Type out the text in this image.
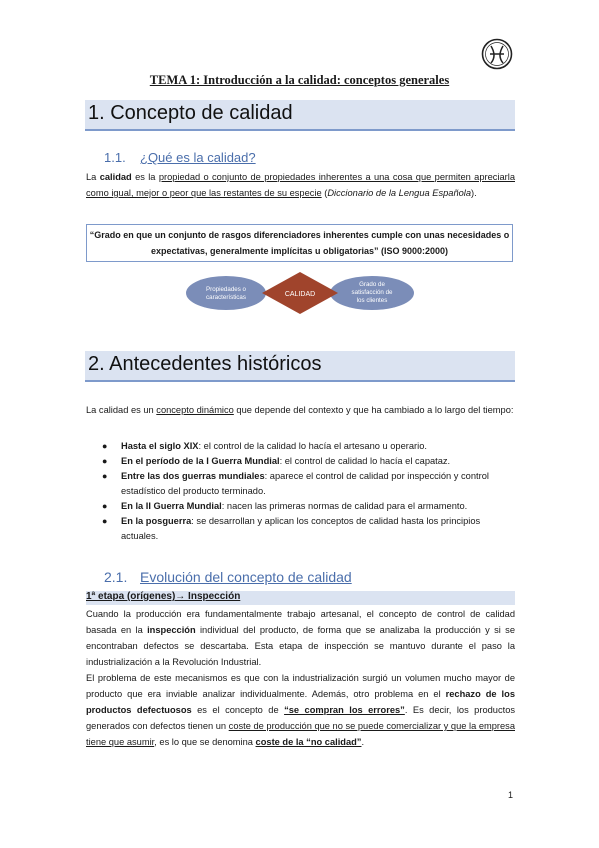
TEMA 1: Introducción a la calidad: conceptos generales
1. Concepto de calidad
1.1. ¿Qué es la calidad?
La calidad es la propiedad o conjunto de propiedades inherentes a una cosa que permiten apreciarla como igual, mejor o peor que las restantes de su especie (Diccionario de la Lengua Española).
“Grado en que un conjunto de rasgos diferenciadores inherentes cumple con unas necesidades o expectativas, generalmente implícitas u obligatorias” (ISO 9000:2000)
Propiedades o
características	CALIDAD
Grado de
satisfacción de
los clientes
2. Antecedentes históricos
La calidad es un concepto dinámico que depende del contexto y que ha cambiado a lo largo del tiempo:
● Hasta el siglo XIX: el control de la calidad lo hacía el artesano u operario.
● En el período de la I Guerra Mundial: el control de calidad lo hacía el capataz.
● Entre las dos guerras mundiales: aparece el control de calidad por inspección y control estadístico del producto terminado.
● En la II Guerra Mundial: nacen las primeras normas de calidad para el armamento.
● En la posguerra: se desarrollan y aplican los conceptos de calidad hasta los principios actuales.
2.1. Evolución del concepto de calidad
1ª etapa (orígenes)→ Inspección
Cuando la producción era fundamentalmente trabajo artesanal, el concepto de control de calidad basada en la inspección individual del producto, de forma que se analizaba la producción y si se encontraban defectos se descartaba. Esta etapa de inspección se mantuvo durante el paso la industrialización a la Revolución Industrial.
El problema de este mecanismos es que con la industrialización surgió un volumen mucho mayor de producto que era inviable analizar individualmente. Además, otro problema en el rechazo de los productos defectuosos es el concepto de “se compran los errores”. Es decir, los productos generados con defectos tienen un coste de producción que no se puede comercializar y que la empresa tiene que asumir, es lo que se denomina coste de la “no calidad”.
1
